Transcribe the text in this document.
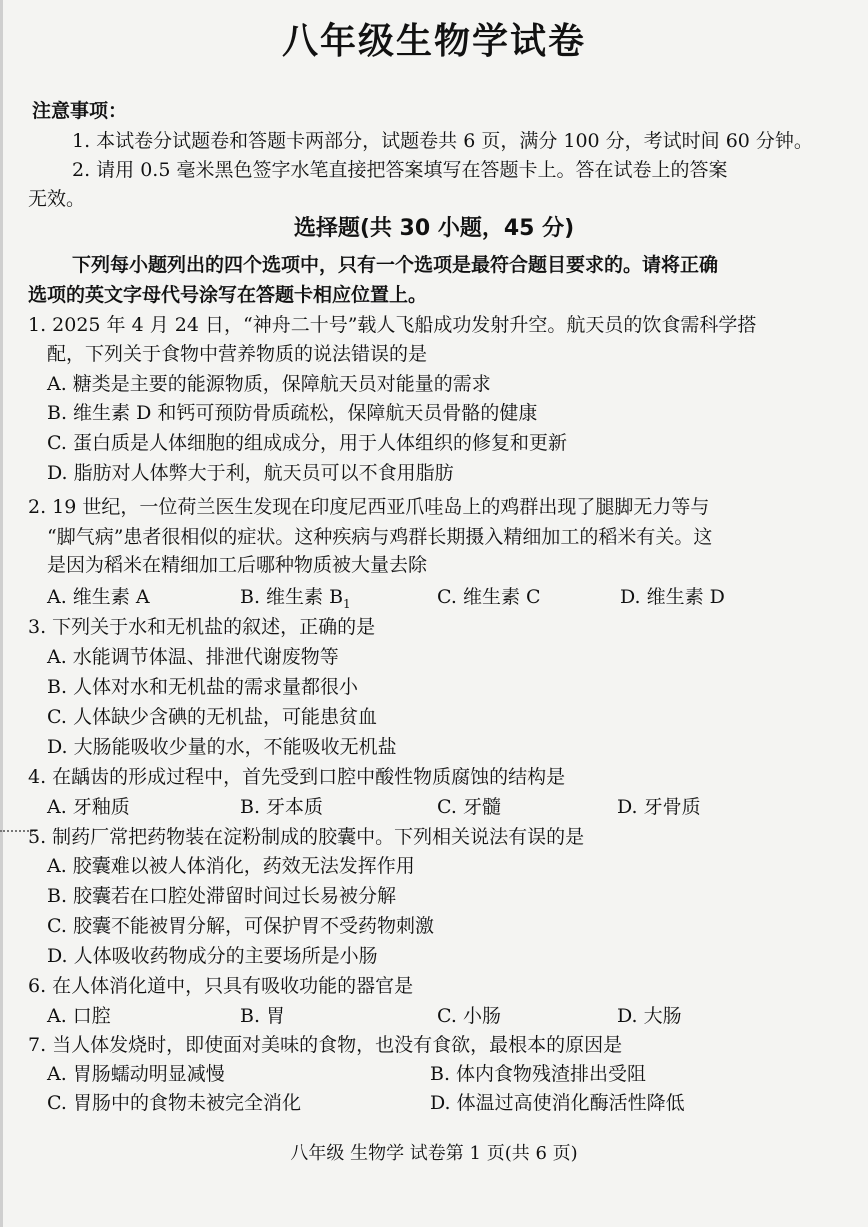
八年级生物学试卷
注意事项：
1. 本试卷分试题卷和答题卡两部分，试题卷共 6 页，满分 100 分，考试时间 60 分钟。
2. 请用 0.5 毫米黑色签字水笔直接把答案填写在答题卡上。答在试卷上的答案
无效。
选择题(共 30 小题，45 分)
下列每小题列出的四个选项中，只有一个选项是最符合题目要求的。请将正确
选项的英文字母代号涂写在答题卡相应位置上。
1. 2025 年 4 月 24 日，“神舟二十号”载人飞船成功发射升空。航天员的饮食需科学搭
配，下列关于食物中营养物质的说法错误的是
A. 糖类是主要的能源物质，保障航天员对能量的需求
B. 维生素 D 和钙可预防骨质疏松，保障航天员骨骼的健康
C. 蛋白质是人体细胞的组成成分，用于人体组织的修复和更新
D. 脂肪对人体弊大于利，航天员可以不食用脂肪
2. 19 世纪，一位荷兰医生发现在印度尼西亚爪哇岛上的鸡群出现了腿脚无力等与
“脚气病”患者很相似的症状。这种疾病与鸡群长期摄入精细加工的稻米有关。这
是因为稻米在精细加工后哪种物质被大量去除
A. 维生素 A	B. 维生素 $B_1$	C. 维生素 C	D. 维生素 D
3. 下列关于水和无机盐的叙述，正确的是
A. 水能调节体温、排泄代谢废物等
B. 人体对水和无机盐的需求量都很小
C. 人体缺少含碘的无机盐，可能患贫血
D. 大肠能吸收少量的水，不能吸收无机盐
4. 在龋齿的形成过程中，首先受到口腔中酸性物质腐蚀的结构是
A. 牙釉质	B. 牙本质	C. 牙髓	D. 牙骨质
5. 制药厂常把药物装在淀粉制成的胶囊中。下列相关说法有误的是
A. 胶囊难以被人体消化，药效无法发挥作用
B. 胶囊若在口腔处滞留时间过长易被分解
C. 胶囊不能被胃分解，可保护胃不受药物刺激
D. 人体吸收药物成分的主要场所是小肠
6. 在人体消化道中，只具有吸收功能的器官是
A. 口腔	B. 胃	C. 小肠	D. 大肠
7. 当人体发烧时，即使面对美味的食物，也没有食欲，最根本的原因是
A. 胃肠蠕动明显减慢	B. 体内食物残渣排出受阻
C. 胃肠中的食物未被完全消化	D. 体温过高使消化酶活性降低
八年级 生物学 试卷第 1 页(共 6 页)
